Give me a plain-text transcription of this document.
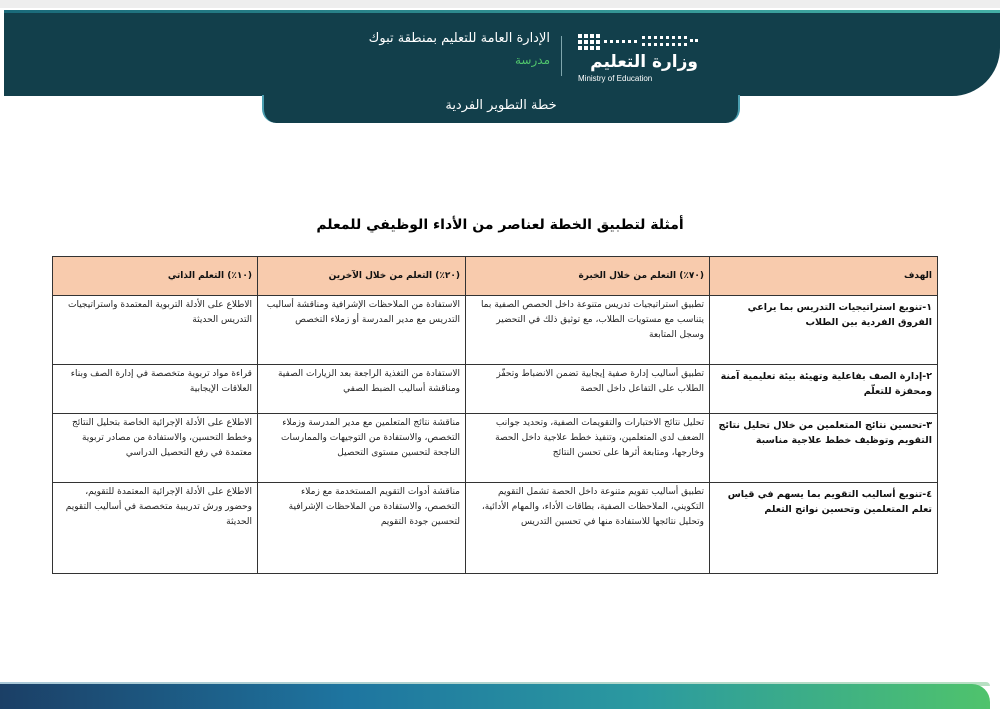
وزارة التعليم
Ministry of Education
الإدارة العامة للتعليم بمنطقة تبوك
مدرسة
خطة التطوير الفردية
أمثلة لتطبيق الخطة لعناصر من الأداء الوظيفي للمعلم
الهدف	(٧٠٪) التعلم من خلال الخبرة	(٢٠٪) التعلم من خلال الآخرين	(١٠٪) التعلم الذاتي
١-تنويع استراتيجيات التدريس بما يراعي الفروق الفردية بين الطلاب	تطبيق استراتيجيات تدريس متنوعة داخل الحصص الصفية بما يتناسب مع مستويات الطلاب، مع توثيق ذلك في التحضير وسجل المتابعة	الاستفادة من الملاحظات الإشرافية ومناقشة أساليب التدريس مع مدير المدرسة أو زملاء التخصص	الاطلاع على الأدلة التربوية المعتمدة واستراتيجيات التدريس الحديثة
٢-إدارة الصف بفاعلية وتهيئة بيئة تعليمية آمنة ومحفزة للتعلّم	تطبيق أساليب إدارة صفية إيجابية تضمن الانضباط وتحفّز الطلاب على التفاعل داخل الحصة	الاستفادة من التغذية الراجعة بعد الزيارات الصفية ومناقشة أساليب الضبط الصفي	قراءة مواد تربوية متخصصة في إدارة الصف وبناء العلاقات الإيجابية
٣-تحسين نتائج المتعلمين من خلال تحليل نتائج التقويم وتوظيف خطط علاجية مناسبة	تحليل نتائج الاختبارات والتقويمات الصفية، وتحديد جوانب الضعف لدى المتعلمين، وتنفيذ خطط علاجية داخل الحصة وخارجها، ومتابعة أثرها على تحسن النتائج	مناقشة نتائج المتعلمين مع مدير المدرسة وزملاء التخصص، والاستفادة من التوجيهات والممارسات الناجحة لتحسين مستوى التحصيل	الاطلاع على الأدلة الإجرائية الخاصة بتحليل النتائج وخطط التحسين، والاستفادة من مصادر تربوية معتمدة في رفع التحصيل الدراسي
٤-تنويع أساليب التقويم بما يسهم في قياس تعلم المتعلمين وتحسين نواتج التعلم	تطبيق أساليب تقويم متنوعة داخل الحصة تشمل التقويم التكويني، الملاحظات الصفية، بطاقات الأداء، والمهام الأدائية، وتحليل نتائجها للاستفادة منها في تحسين التدريس	مناقشة أدوات التقويم المستخدمة مع زملاء التخصص، والاستفادة من الملاحظات الإشرافية لتحسين جودة التقويم	الاطلاع على الأدلة الإجرائية المعتمدة للتقويم، وحضور ورش تدريبية متخصصة في أساليب التقويم الحديثة
